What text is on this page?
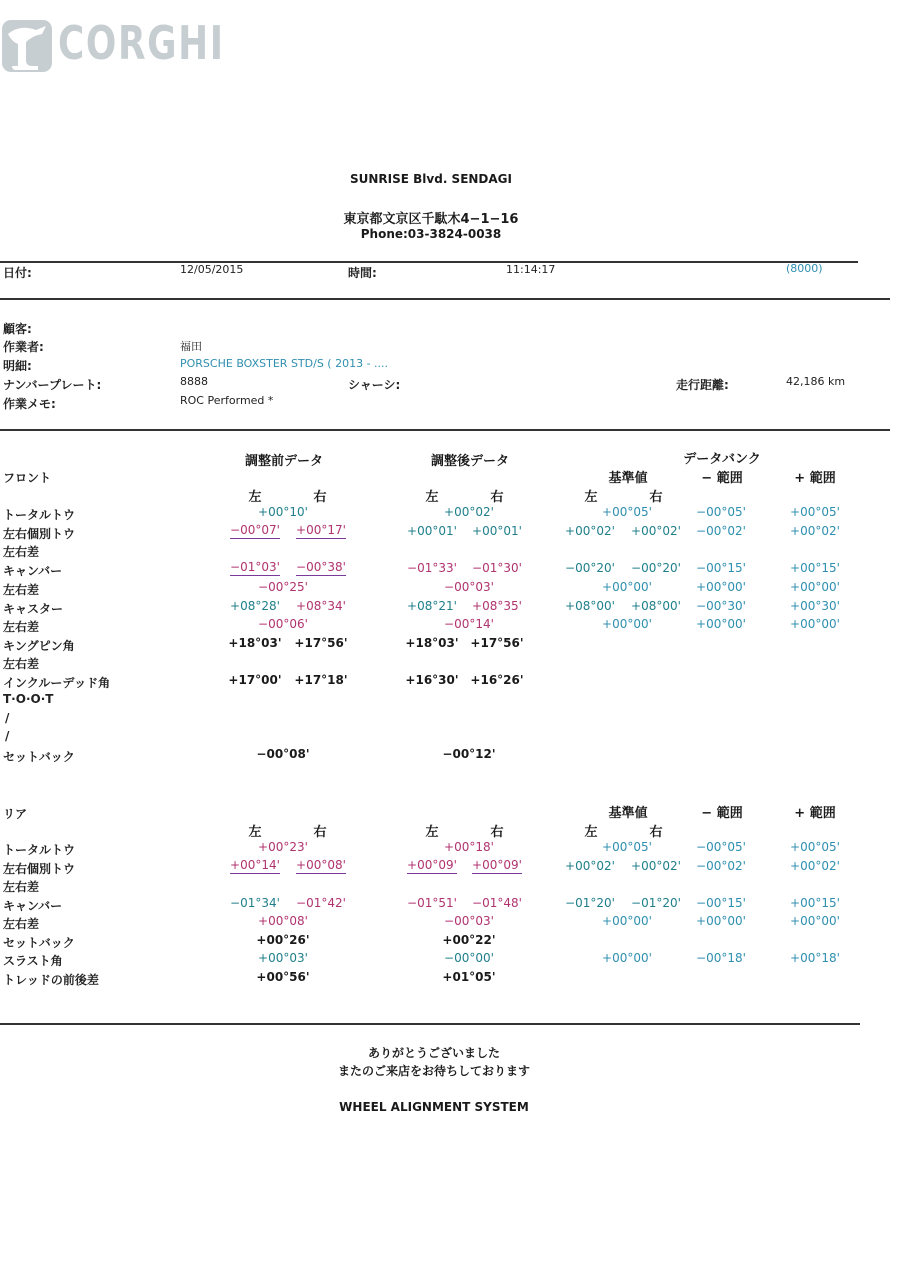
CORGHI
SUNRISE Blvd. SENDAGI
東京都文京区千駄木4−1−16
Phone:03-3824-0038
日付:	12/05/2015	時間:	11:14:17	(8000)
顧客:
作業者:	福田
明細:	PORSCHE BOXSTER STD/S ( 2013 - ....
ナンバープレート:	8888	シャーシ:	走行距離:	42,186 km
作業メモ:	ROC Performed *
調整前データ	調整後データ	データバンク
フロント	基準値	− 範囲	+ 範囲
左	右	左	右	左	右
トータルトウ	+00°10'	+00°02'	+00°05'	−00°05'	+00°05'
左右個別トウ	−00°07' +00°17'	+00°01' +00°01'	+00°02' +00°02' −00°02'	+00°02'
左右差
キャンバー	−01°03' −00°38'	−01°33' −01°30'	−00°20' −00°20' −00°15'	+00°15'
左右差	−00°25'	−00°03'	+00°00'	+00°00'	+00°00'
キャスター	+08°28' +08°34'	+08°21' +08°35'	+08°00' +08°00' −00°30'	+00°30'
左右差	−00°06'	−00°14'	+00°00'	+00°00'	+00°00'
キングピン角	+18°03' +17°56'	+18°03' +17°56'
左右差
インクルーデッド角	+17°00' +17°18'	+16°30' +16°26'
T·O·O·T
/
/
セットバック	−00°08'	−00°12'
リア	基準値	− 範囲	+ 範囲
左	右	左	右	左	右
トータルトウ	+00°23'	+00°18'	+00°05'	−00°05'	+00°05'
左右個別トウ	+00°14' +00°08'	+00°09' +00°09'	+00°02' +00°02' −00°02'	+00°02'
左右差
キャンバー	−01°34' −01°42'	−01°51' −01°48'	−01°20' −01°20' −00°15'	+00°15'
左右差	+00°08'	−00°03'	+00°00'	+00°00'	+00°00'
セットバック	+00°26'	+00°22'
スラスト角	+00°03'	−00°00'	+00°00'	−00°18'	+00°18'
トレッドの前後差	+00°56'	+01°05'
ありがとうございました
またのご来店をお待ちしております
WHEEL ALIGNMENT SYSTEM
